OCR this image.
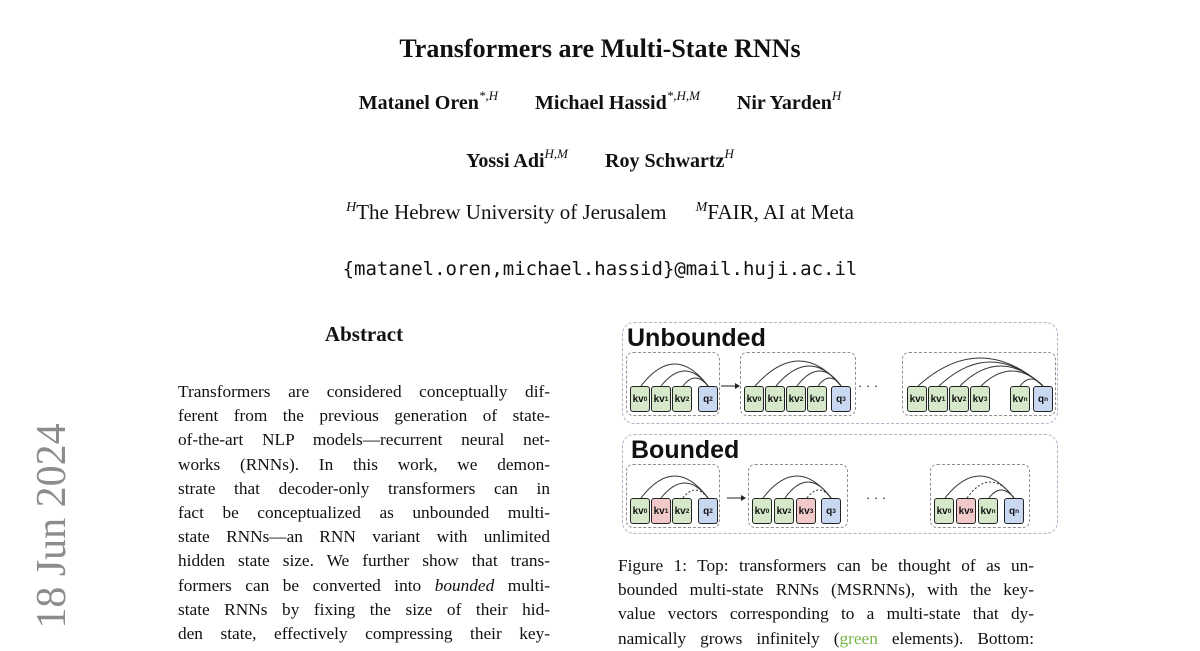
18 Jun 2024
Transformers are Multi-State RNNs
Matanel Oren$^{*,H}$ Michael Hassid$^{*,H,M}$ Nir Yarden$^H$
Yossi Adi$^{H,M}$ Roy Schwartz$^H$
$^H$The Hebrew University of Jerusalem $^M$FAIR, AI at Meta
{matanel.oren,michael.hassid}@mail.huji.ac.il
Abstract
Transformers are considered conceptually dif-
ferent from the previous generation of state-
of-the-art NLP models—recurrent neural net-
works (RNNs). In this work, we demon-
strate that decoder-only transformers can in
fact be conceptualized as unbounded multi-
state RNNs—an RNN variant with unlimited
hidden state size. We further show that trans-
formers can be converted into bounded multi-
state RNNs by fixing the size of their hid-
den state, effectively compressing their key-
Unbounded
Bounded
· · ·
· · ·
kv 0 kv 1 kv 2	q 2	kv 0 kv 1 kv 2 kv 3	q 3	kv 0 kv 1 kv 2 kv 3	kv n	q n
kv 0 kv 1 kv 2	q 2	kv 0 kv 2 kv 3	q 3	kv 0 kv 9 kv n	q n
Figure 1: Top: transformers can be thought of as un-
bounded multi-state RNNs (MSRNNs), with the key-
value vectors corresponding to a multi-state that dy-
namically grows infinitely (green elements). Bottom:
